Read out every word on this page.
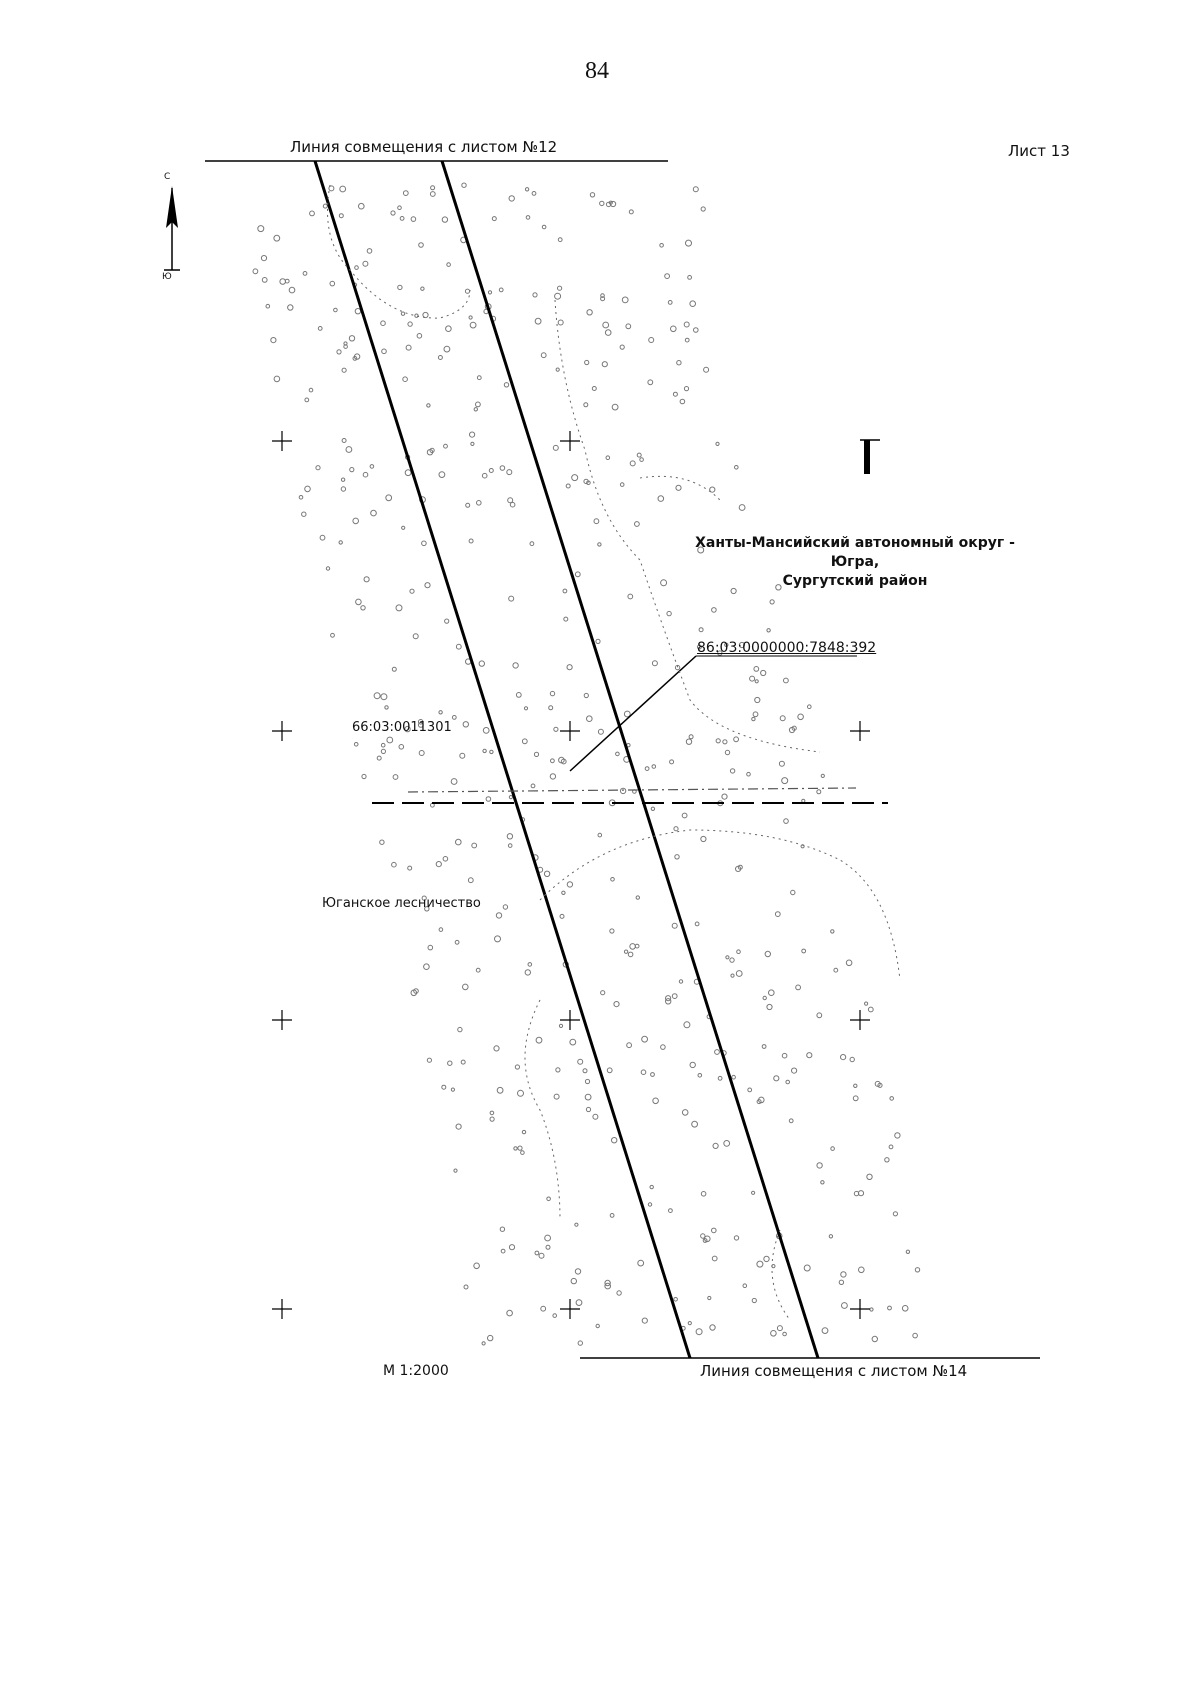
84
Лист 13
Линия совмещения с листом №12
Линия совмещения с листом №14
Ханты-Мансийский автономный округ - Югра,
Сургутский район
86:03:0000000:7848:392
66:03:0011301
Юганское лесничество
М 1:2000
С
Ю
